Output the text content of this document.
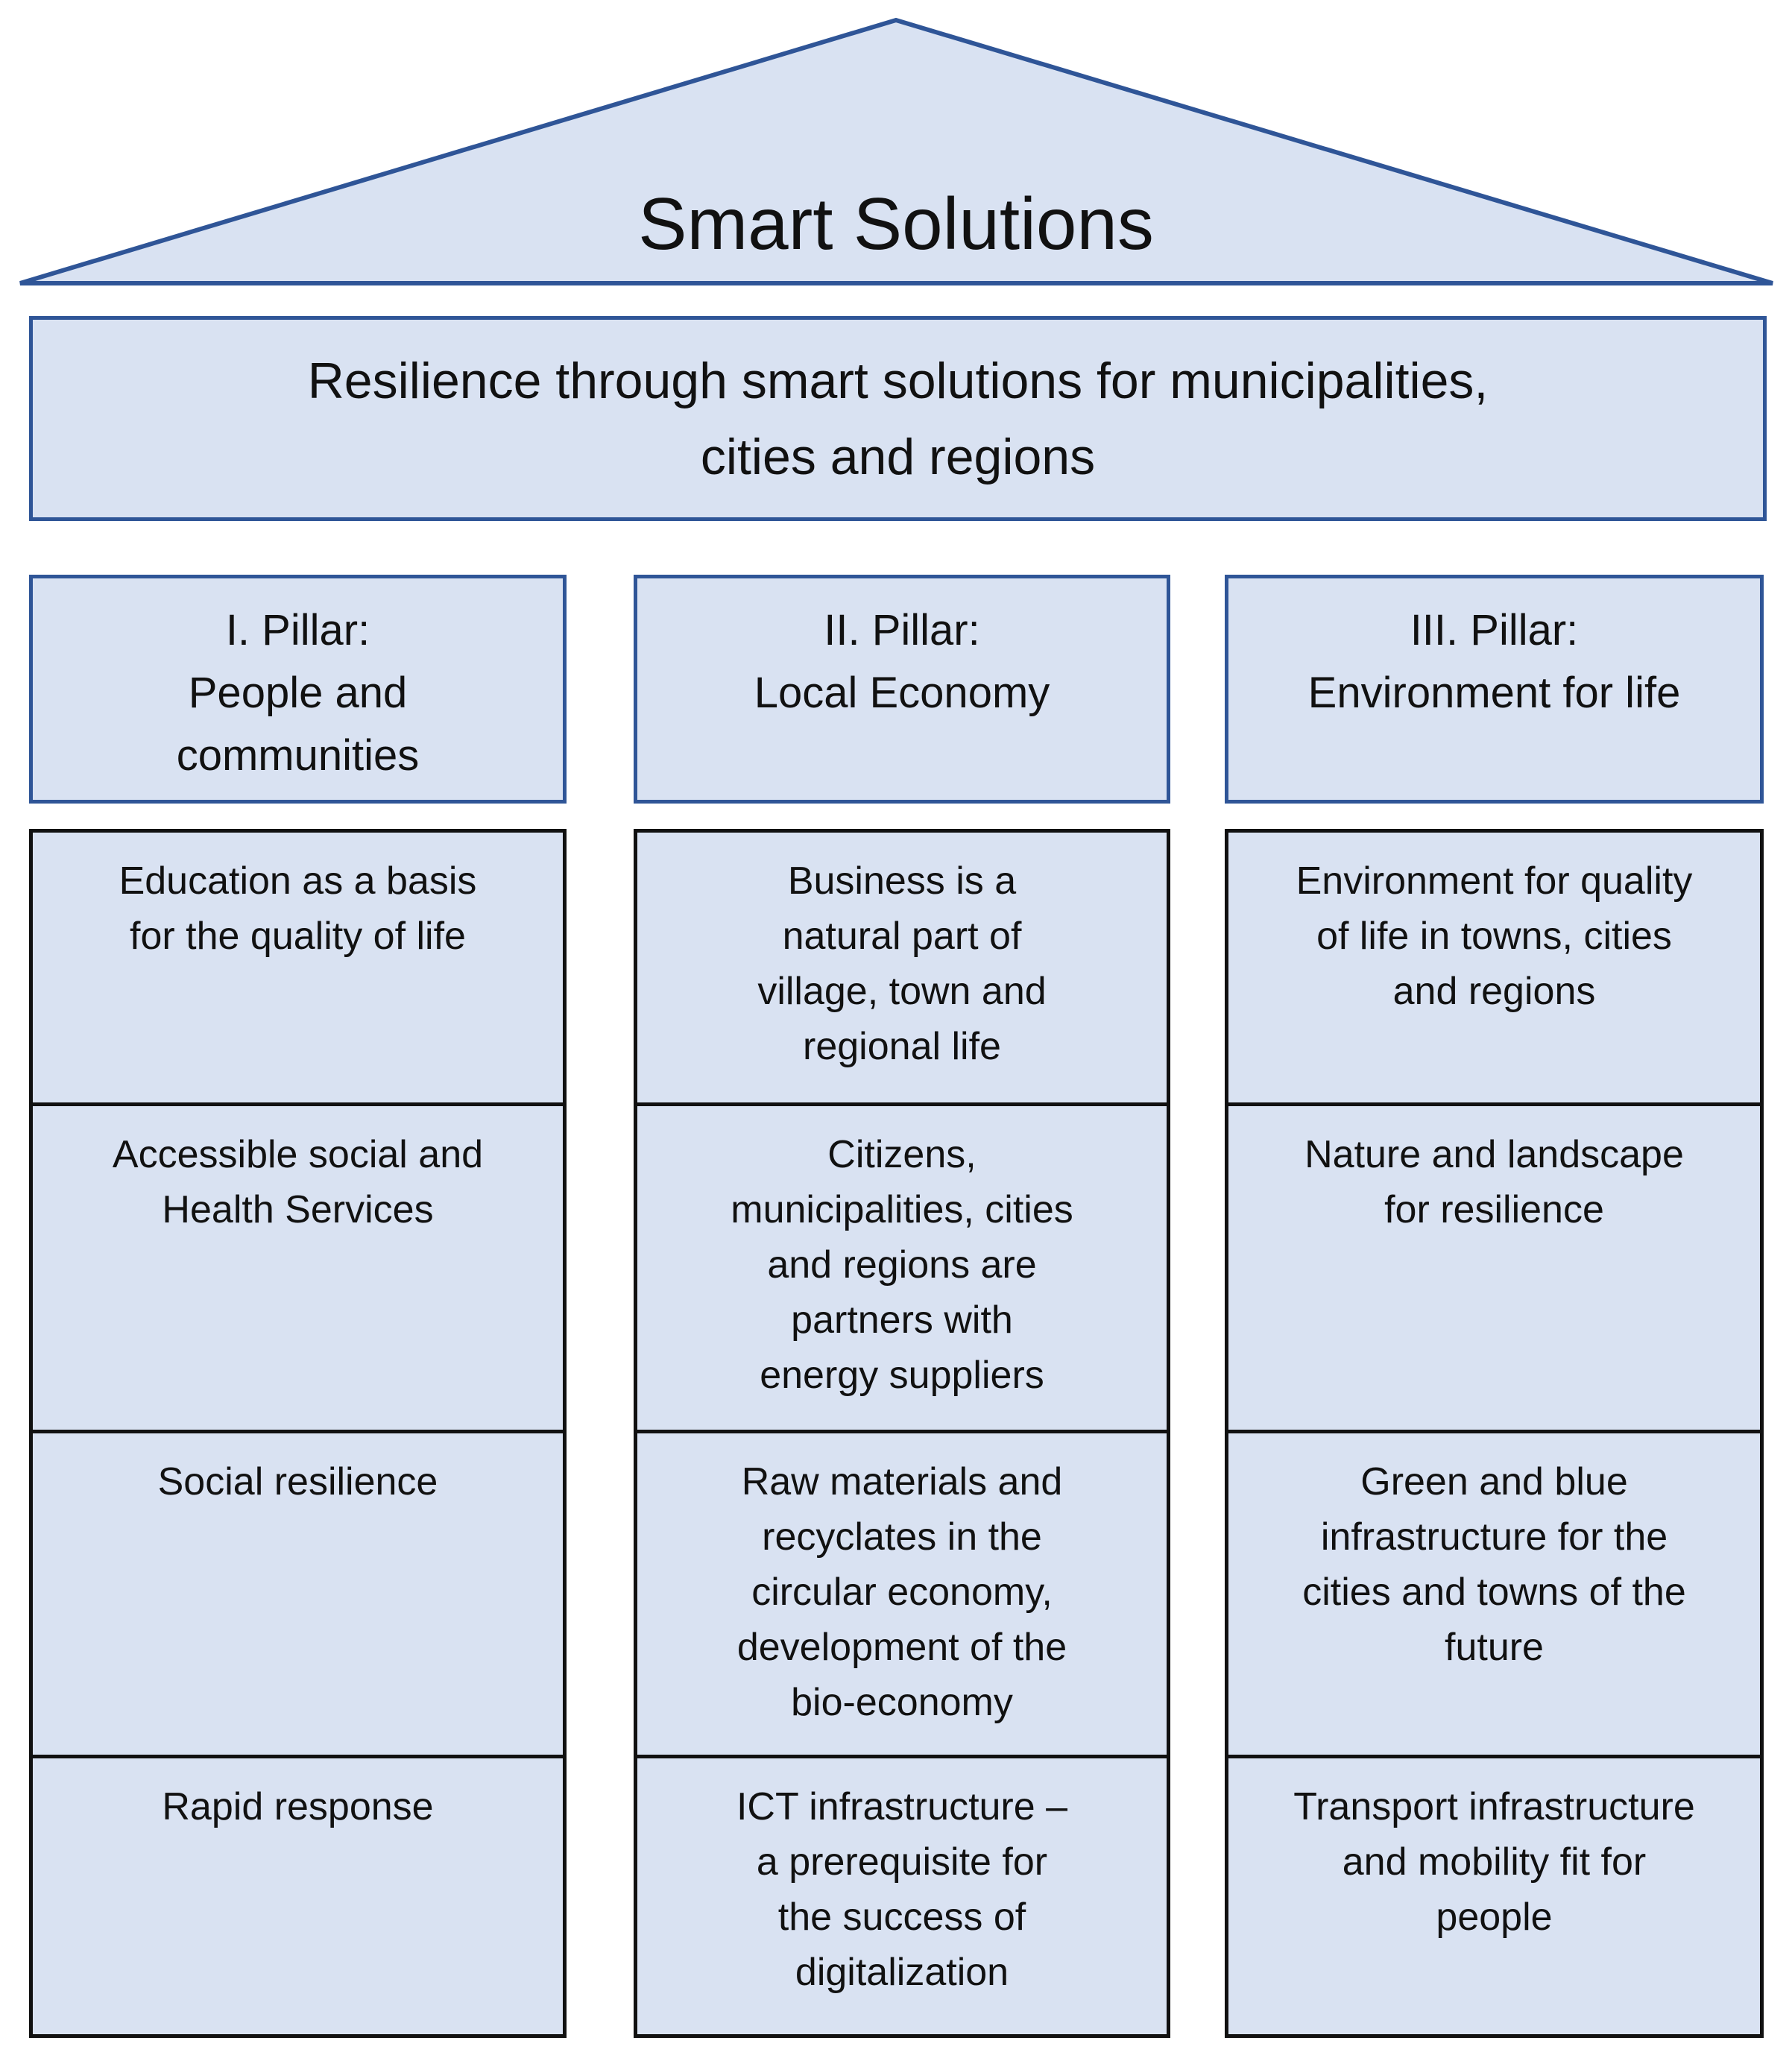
Smart Solutions
Resilience through smart solutions for municipalities, cities and regions
I. Pillar:
People and communities
Education as a basis for the quality of life
Accessible social and Health Services
Social resilience
Rapid response
II. Pillar:
Local Economy
Business is a natural part of village, town and regional life
Citizens, municipalities, cities and regions are partners with energy suppliers
Raw materials and recyclates in the circular economy, development of the bio-economy
ICT infrastructure – a prerequisite for the success of digitalization
III. Pillar:
Environment for life
Environment for quality of life in towns, cities and regions
Nature and landscape for resilience
Green and blue infrastructure for the cities and towns of the future
Transport infrastructure and mobility fit for people
